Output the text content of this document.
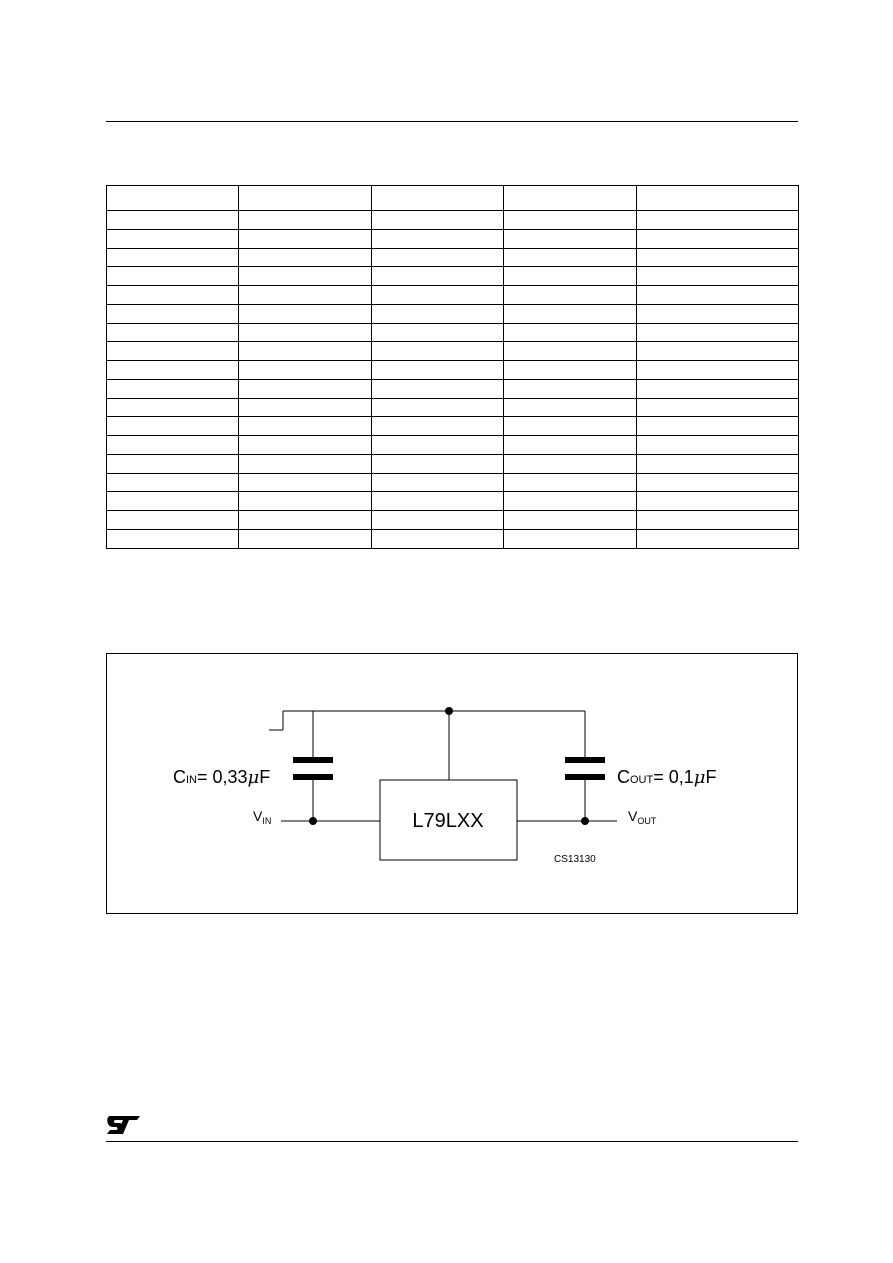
L79LXX
CIN= 0,33μF	COUT= 0,1μF
$V_{IN}$	$V_{OUT}$
CS13130
